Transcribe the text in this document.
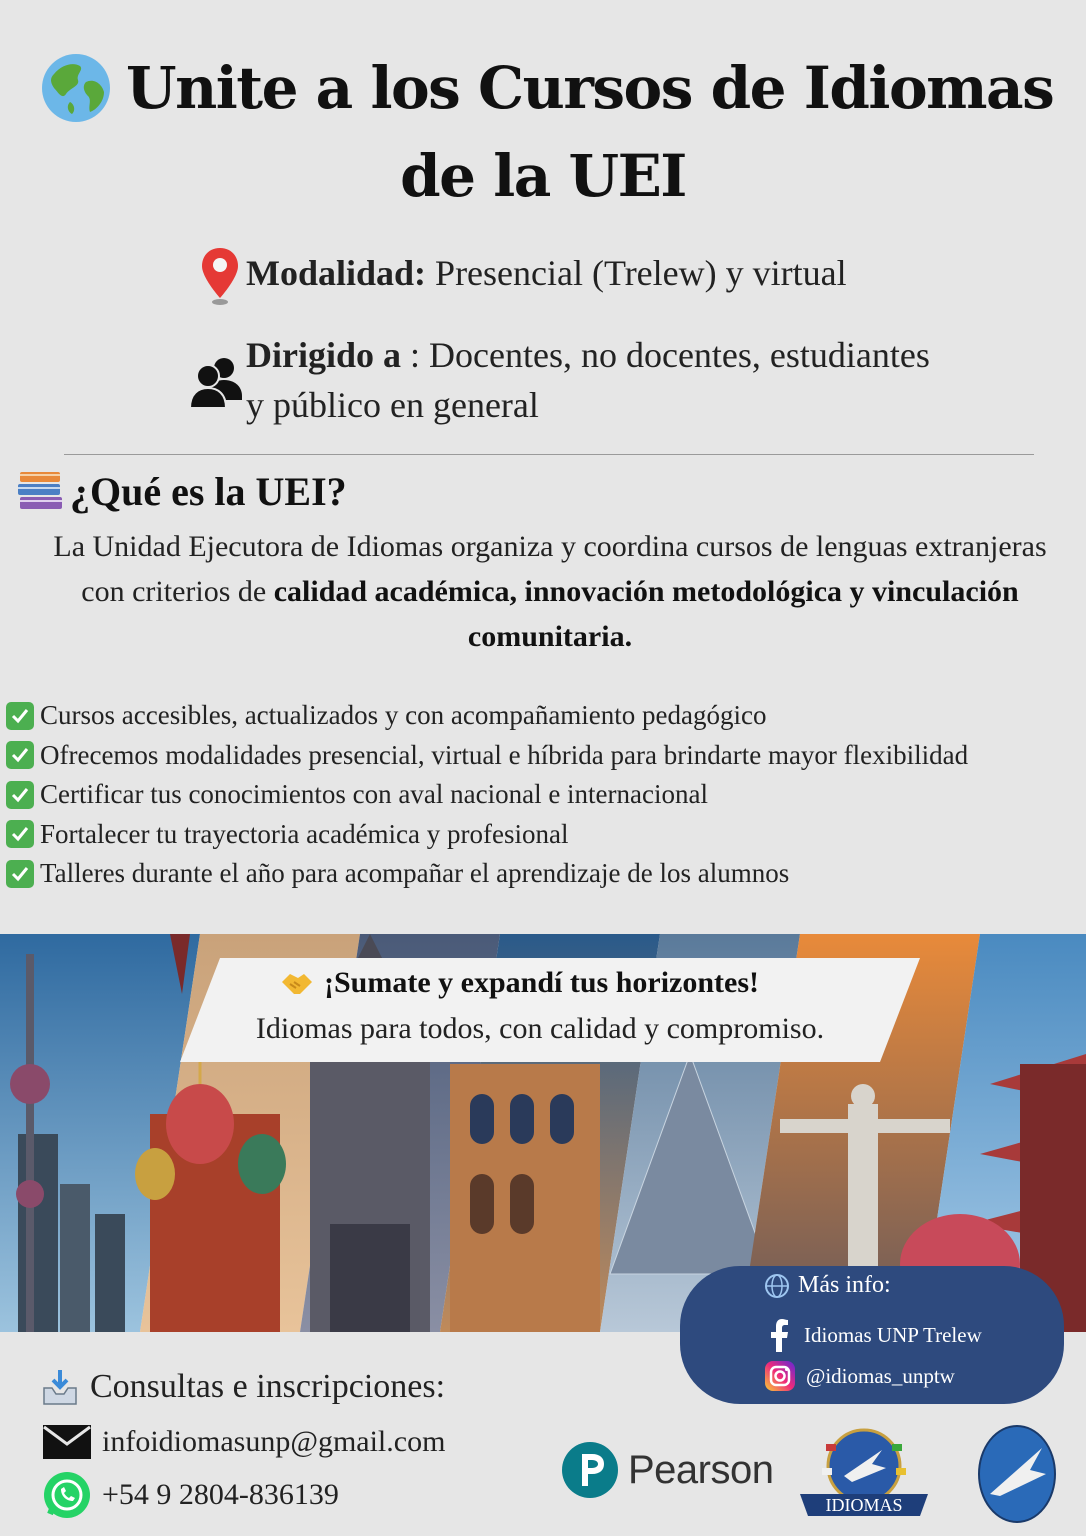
Unite a los Cursos de Idiomas
de la UEI
Modalidad: Presencial (Trelew) y virtual
Dirigido a : Docentes, no docentes, estudiantes
y público en general
¿Qué es la UEI?
La Unidad Ejecutora de Idiomas organiza y coordina cursos de lenguas extranjeras con criterios de calidad académica, innovación metodológica y vinculación comunitaria.
Cursos accesibles, actualizados y con acompañamiento pedagógico
Ofrecemos modalidades presencial, virtual e híbrida para brindarte mayor flexibilidad
Certificar tus conocimientos con aval nacional e internacional
Fortalecer tu trayectoria académica y profesional
Talleres durante el año para acompañar el aprendizaje de los alumnos
¡Sumate y expandí tus horizontes!
Idiomas para todos, con calidad y compromiso.
Más info:
Idiomas UNP Trelew
@idiomas_unptw
Consultas e inscripciones:
infoidiomasunp@gmail.com
+54 9 2804-836139
Pearson
IDIOMAS
